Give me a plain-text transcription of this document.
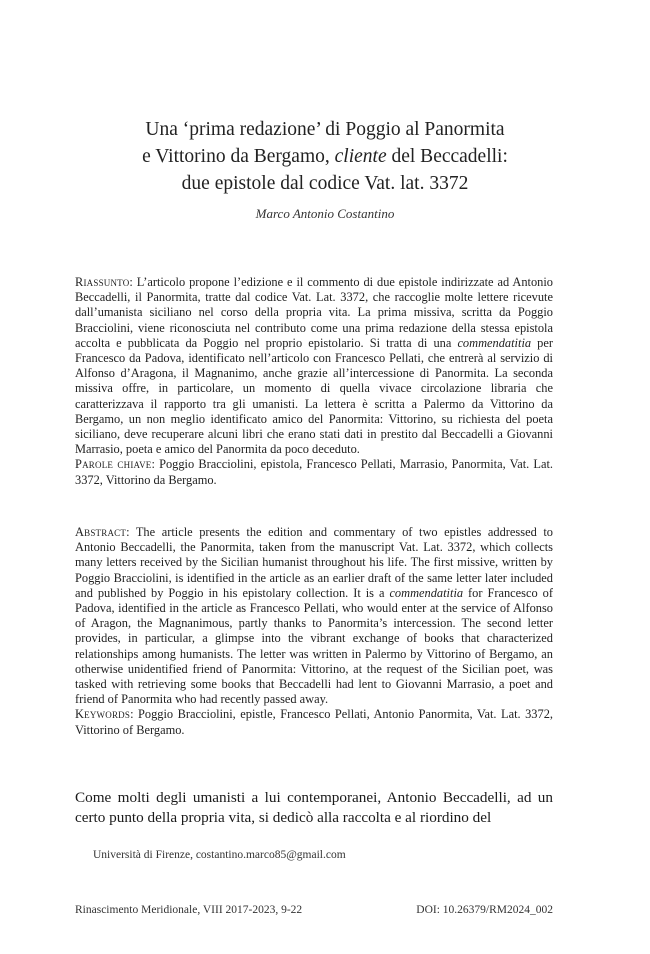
Una ‘prima redazione’ di Poggio al Panormita
e Vittorino da Bergamo, cliente del Beccadelli:
due epistole dal codice Vat. lat. 3372
Marco Antonio Costantino

Riassunto: L’articolo propone l’edizione e il commento di due epistole indirizzate ad Antonio Beccadelli, il Panormita, tratte dal codice Vat. Lat. 3372, che raccoglie molte lettere ricevute dall’umanista siciliano nel corso della propria vita. La prima missiva, scritta da Poggio Bracciolini, viene riconosciuta nel contributo come una prima redazione della stessa epistola accolta e pubblicata da Poggio nel proprio epistolario. Si tratta di una commendatitia per Francesco da Padova, identificato nell’articolo con Francesco Pellati, che entrerà al servizio di Alfonso d’Aragona, il Magnanimo, anche grazie all’intercessione di Panormita. La seconda missiva offre, in particolare, un momento di quella vivace circolazione libraria che caratterizzava il rapporto tra gli umanisti. La lettera è scritta a Palermo da Vittorino da Bergamo, un non meglio identificato amico del Panormita: Vittorino, su richiesta del poeta siciliano, deve recuperare alcuni libri che erano stati dati in prestito dal Beccadelli a Giovanni Marrasio, poeta e amico del Panormita da poco deceduto.

Parole chiave: Poggio Bracciolini, epistola, Francesco Pellati, Marrasio, Panormita, Vat. Lat. 3372, Vittorino da Bergamo.

Abstract: The article presents the edition and commentary of two epistles addressed to Antonio Beccadelli, the Panormita, taken from the manuscript Vat. Lat. 3372, which collects many letters received by the Sicilian humanist throughout his life. The first missive, written by Poggio Bracciolini, is identified in the article as an earlier draft of the same letter later included and published by Poggio in his epistolary collection. It is a commendatitia for Francesco of Padova, identified in the article as Francesco Pellati, who would enter at the service of Alfonso of Aragon, the Magnanimous, partly thanks to Panormita’s intercession. The second letter provides, in particular, a glimpse into the vibrant exchange of books that characterized relationships among humanists. The letter was written in Palermo by Vittorino of Bergamo, an otherwise unidentified friend of Panormita: Vittorino, at the request of the Sicilian poet, was tasked with retrieving some books that Beccadelli had lent to Giovanni Marrasio, a poet and friend of Panormita who had recently passed away.

Keywords: Poggio Bracciolini, epistle, Francesco Pellati, Antonio Panormita, Vat. Lat. 3372, Vittorino of Bergamo.

Come molti degli umanisti a lui contemporanei, Antonio Beccadelli, ad un certo punto della propria vita, si dedicò alla raccolta e al riordino del
Università di Firenze, costantino.marco85@gmail.com
Rinascimento Meridionale, VIII 2017-2023, 9-22	DOI: 10.26379/RM2024_002
